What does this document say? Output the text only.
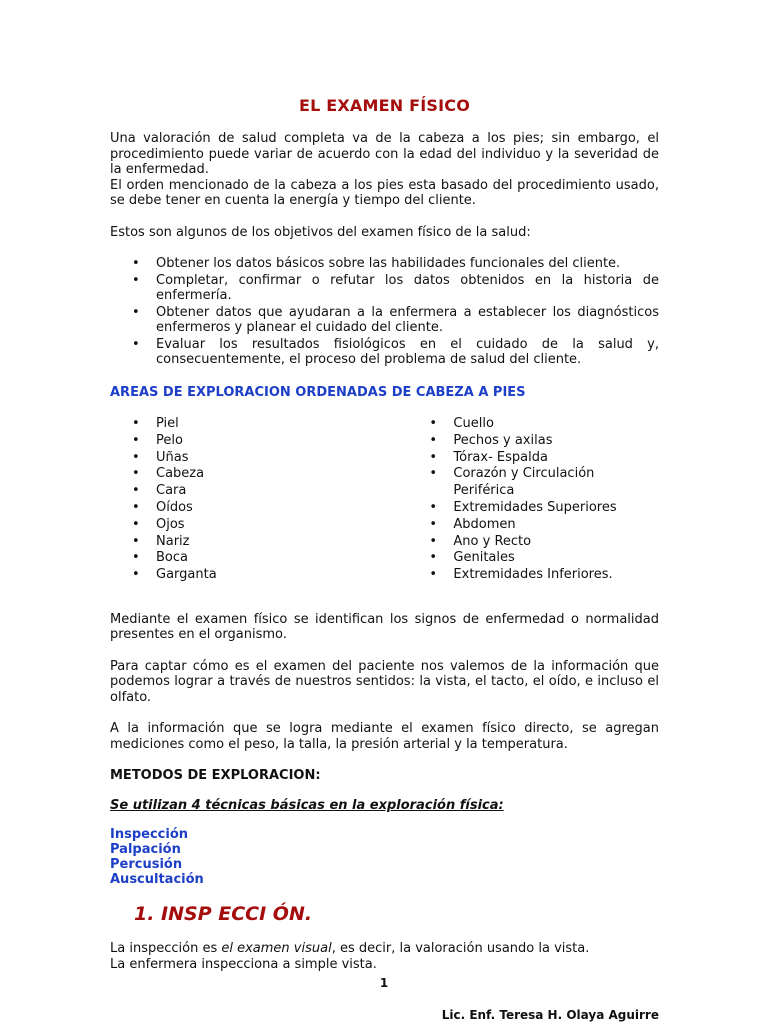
EL EXAMEN FÍSICO

Una valoración de salud completa va de la cabeza a los pies; sin embargo, el procedimiento puede variar de acuerdo con la edad del individuo y la severidad de la enfermedad.

El orden mencionado de la cabeza a los pies esta basado del procedimiento usado, se debe tener en cuenta la energía y tiempo del cliente.

Estos son algunos de los objetivos del examen físico de la salud:

• Obtener los datos básicos sobre las habilidades funcionales del cliente.
• Completar, confirmar o refutar los datos obtenidos en la historia de enfermería.
• Obtener datos que ayudaran a la enfermera a establecer los diagnósticos enfermeros y planear el cuidado del cliente.
• Evaluar los resultados fisiológicos en el cuidado de la salud y, consecuentemente, el proceso del problema de salud del cliente.

AREAS DE EXPLORACION ORDENADAS DE CABEZA A PIES

• Piel
• Pelo
• Uñas
• Cabeza
• Cara
• Oídos
• Ojos
• Nariz
• Boca
• Garganta
• Cuello
• Pechos y axilas
• Tórax- Espalda
• Corazón y Circulación Periférica
• Extremidades Superiores
• Abdomen
• Ano y Recto
• Genitales
• Extremidades Inferiores.

Mediante el examen físico se identifican los signos de enfermedad o normalidad presentes en el organismo.

Para captar cómo es el examen del paciente nos valemos de la información que podemos lograr a través de nuestros sentidos: la vista, el tacto, el oído, e incluso el olfato.

A la información que se logra mediante el examen físico directo, se agregan mediciones como el peso, la talla, la presión arterial y la temperatura.

METODOS DE EXPLORACION:

Se utilizan 4 técnicas básicas en la exploración física:

Inspección

Palpación

Percusión

Auscultación

1. INSP ECCI ÓN.

La inspección es el examen visual, es decir, la valoración usando la vista.

La enfermera inspecciona a simple vista.

1
Lic. Enf. Teresa H. Olaya Aguirre
